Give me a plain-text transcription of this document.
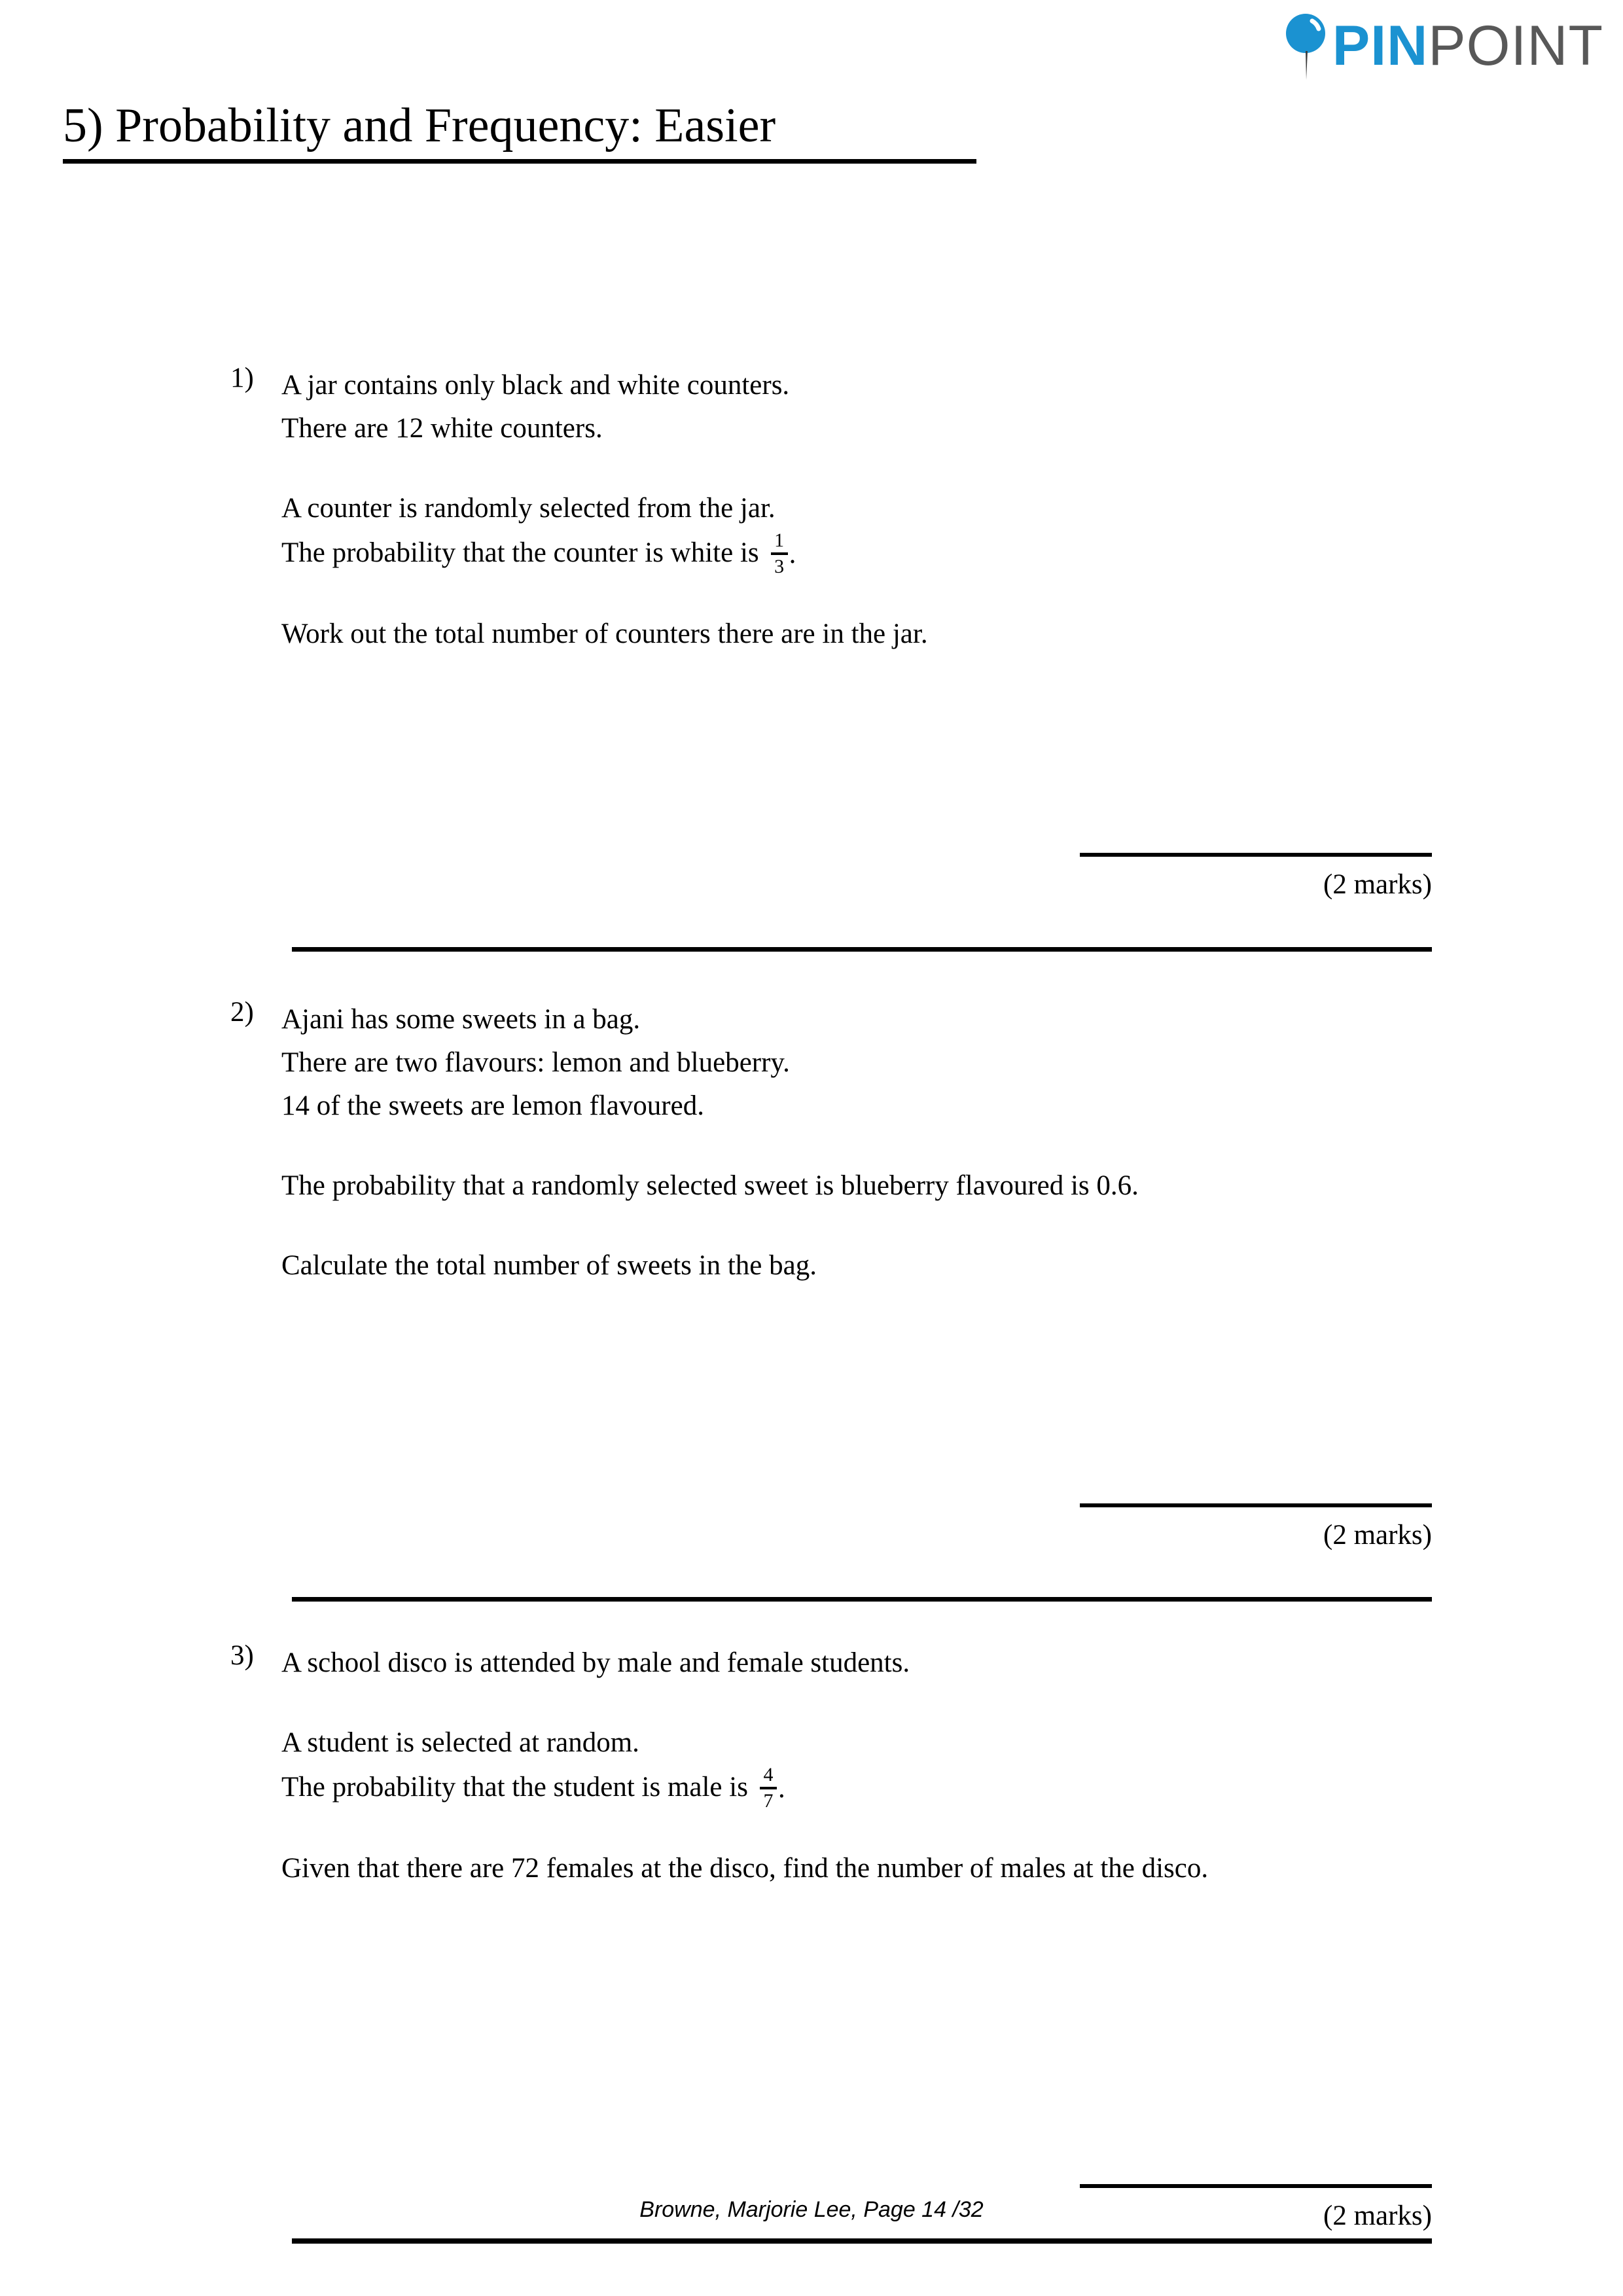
PINPOINT
5) Probability and Frequency: Easier
1) A jar contains only black and white counters.
There are 12 white counters.
A counter is randomly selected from the jar.
The probability that the counter is white is $\frac{1}{3}$ .
Work out the total number of counters there are in the jar.
(2 marks)
2) Ajani has some sweets in a bag.
There are two flavours: lemon and blueberry.
14 of the sweets are lemon flavoured.
The probability that a randomly selected sweet is blueberry flavoured is 0.6.
Calculate the total number of sweets in the bag.
(2 marks)
3) A school disco is attended by male and female students.
A student is selected at random.
The probability that the student is male is $\frac{4}{7}$ .
Given that there are 72 females at the disco, find the number of males at the disco.
(2 marks)
Browne, Marjorie Lee, Page 14 /32
